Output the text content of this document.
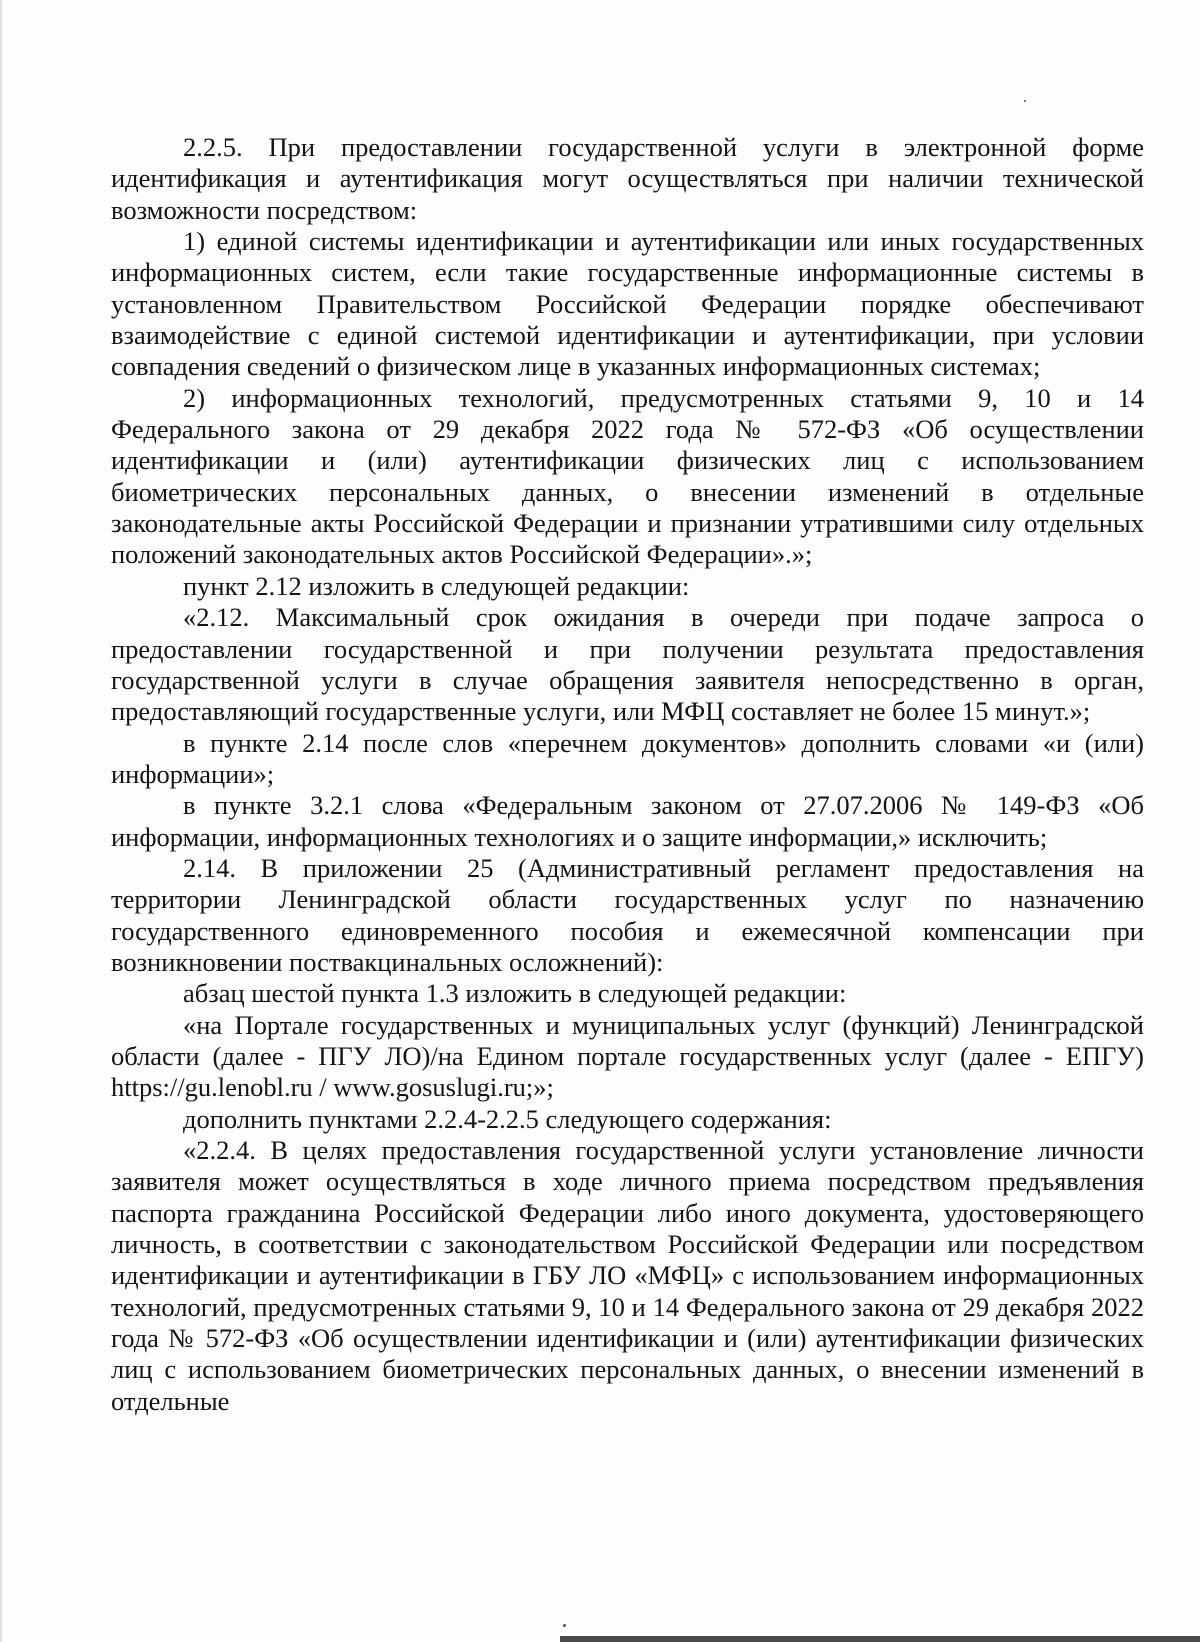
2.2.5. При предоставлении государственной услуги в электронной форме идентификация и аутентификация могут осуществляться при наличии технической возможности посредством:

1) единой системы идентификации и аутентификации или иных государственных информационных систем, если такие государственные информационные системы в установленном Правительством Российской Федерации порядке обеспечивают взаимодействие с единой системой идентификации и аутентификации, при условии совпадения сведений о физическом лице в указанных информационных системах;

2) информационных технологий, предусмотренных статьями 9, 10 и 14 Федерального закона от 29 декабря 2022 года № 572-ФЗ «Об осуществлении идентификации и (или) аутентификации физических лиц с использованием биометрических персональных данных, о внесении изменений в отдельные законодательные акты Российской Федерации и признании утратившими силу отдельных положений законодательных актов Российской Федерации».»;

пункт 2.12 изложить в следующей редакции:

«2.12. Максимальный срок ожидания в очереди при подаче запроса о предоставлении государственной и при получении результата предоставления государственной услуги в случае обращения заявителя непосредственно в орган, предоставляющий государственные услуги, или МФЦ составляет не более 15 минут.»;

в пункте 2.14 после слов «перечнем документов» дополнить словами «и (или) информации»;

в пункте 3.2.1 слова «Федеральным законом от 27.07.2006 № 149-ФЗ «Об информации, информационных технологиях и о защите информации,» исключить;

2.14. В приложении 25 (Административный регламент предоставления на территории Ленинградской области государственных услуг по назначению государственного единовременного пособия и ежемесячной компенсации при возникновении поствакцинальных осложнений):

абзац шестой пункта 1.3 изложить в следующей редакции:

«на Портале государственных и муниципальных услуг (функций) Ленинградской области (далее - ПГУ ЛО)/на Едином портале государственных услуг (далее - ЕПГУ) https://gu.lenobl.ru / www.gosuslugi.ru;»;

дополнить пунктами 2.2.4-2.2.5 следующего содержания:

«2.2.4. В целях предоставления государственной услуги установление личности заявителя может осуществляться в ходе личного приема посредством предъявления паспорта гражданина Российской Федерации либо иного документа, удостоверяющего личность, в соответствии с законодательством Российской Федерации или посредством идентификации и аутентификации в ГБУ ЛО «МФЦ» с использованием информационных технологий, предусмотренных статьями 9, 10 и 14 Федерального закона от 29 декабря 2022 года № 572-ФЗ «Об осуществлении идентификации и (или) аутентификации физических лиц с использованием биометрических персональных данных, о внесении изменений в отдельные
